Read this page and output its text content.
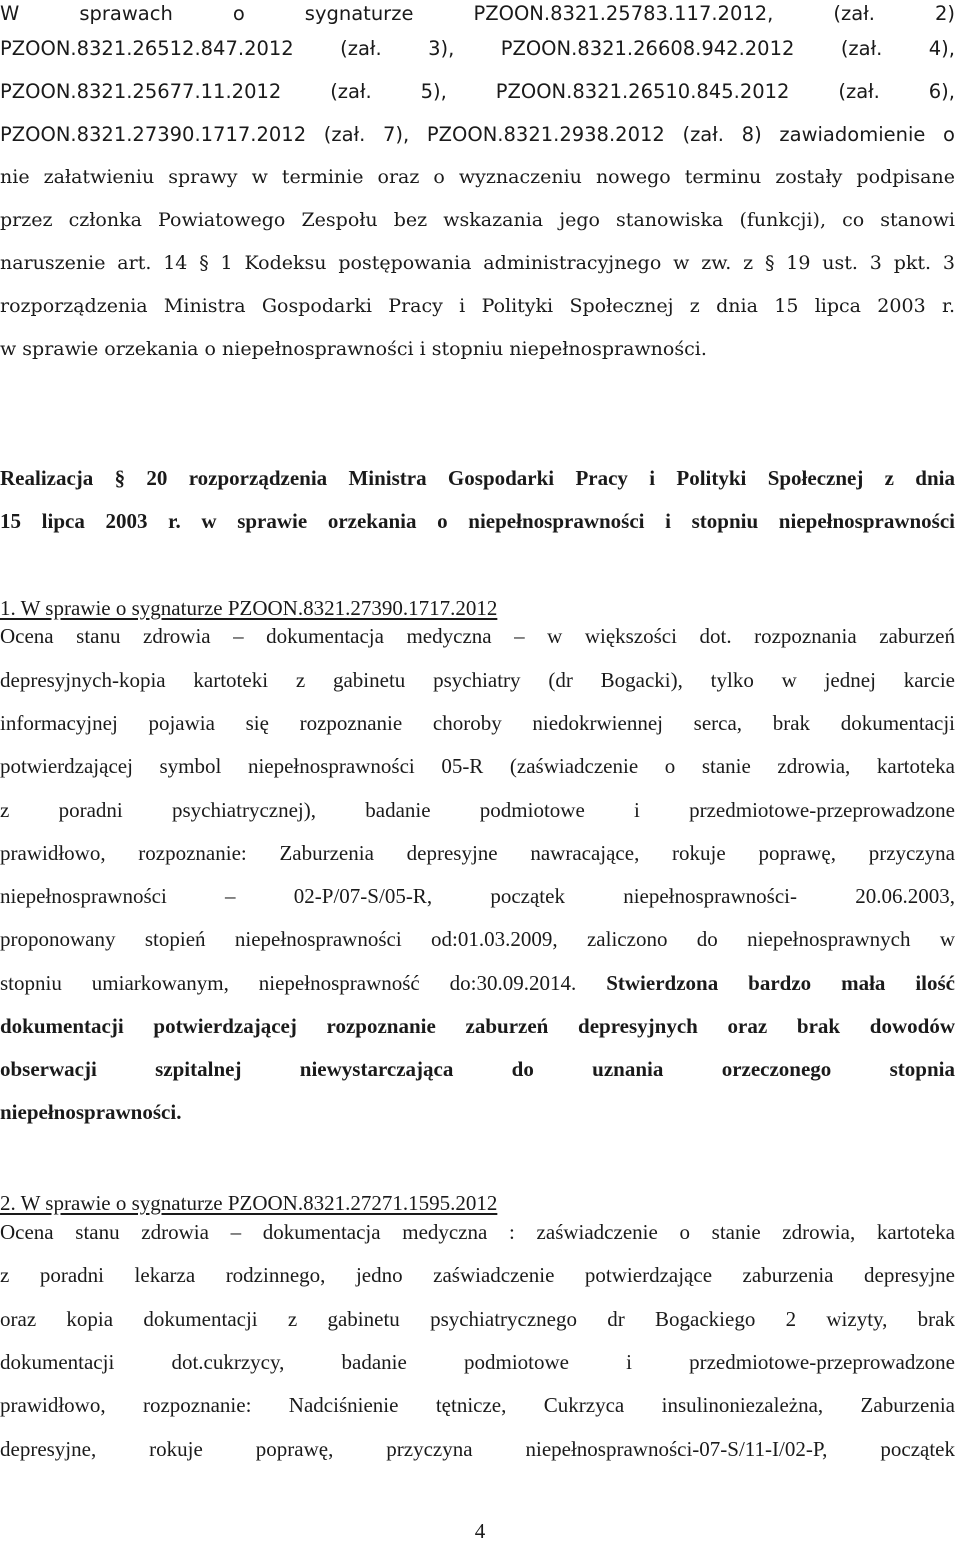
W sprawach o sygnaturze PZOON.8321.25783.117.2012, (zał. 2)
PZOON.8321.26512.847.2012 (zał. 3), PZOON.8321.26608.942.2012 (zał. 4),
PZOON.8321.25677.11.2012 (zał. 5), PZOON.8321.26510.845.2012 (zał. 6),
PZOON.8321.27390.1717.2012 (zał. 7), PZOON.8321.2938.2012 (zał. 8) zawiadomienie o
nie załatwieniu sprawy w terminie oraz o wyznaczeniu nowego terminu zostały podpisane
przez członka Powiatowego Zespołu bez wskazania jego stanowiska (funkcji), co stanowi
naruszenie art. 14 § 1 Kodeksu postępowania administracyjnego w zw. z § 19 ust. 3 pkt. 3
rozporządzenia Ministra Gospodarki Pracy i Polityki Społecznej z dnia 15 lipca 2003 r.
w sprawie orzekania o niepełnosprawności i stopniu niepełnosprawności.
Realizacja § 20 rozporządzenia Ministra Gospodarki Pracy i Polityki Społecznej z dnia
15 lipca 2003 r. w sprawie orzekania o niepełnosprawności i stopniu niepełnosprawności
1. W sprawie o sygnaturze PZOON.8321.27390.1717.2012
Ocena stanu zdrowia – dokumentacja medyczna – w większości dot. rozpoznania zaburzeń
depresyjnych-kopia kartoteki z gabinetu psychiatry (dr Bogacki), tylko w jednej karcie
informacyjnej pojawia się rozpoznanie choroby niedokrwiennej serca, brak dokumentacji
potwierdzającej symbol niepełnosprawności 05-R (zaświadczenie o stanie zdrowia, kartoteka
z poradni psychiatrycznej), badanie podmiotowe i przedmiotowe-przeprowadzone
prawidłowo, rozpoznanie: Zaburzenia depresyjne nawracające, rokuje poprawę, przyczyna
niepełnosprawności – 02-P/07-S/05-R, początek niepełnosprawności- 20.06.2003,
proponowany stopień niepełnosprawności od:01.03.2009, zaliczono do niepełnosprawnych w
stopniu umiarkowanym, niepełnosprawność do:30.09.2014. Stwierdzona bardzo mała ilość
dokumentacji potwierdzającej rozpoznanie zaburzeń depresyjnych oraz brak dowodów
obserwacji szpitalnej niewystarczająca do uznania orzeczonego stopnia
niepełnosprawności.
2. W sprawie o sygnaturze PZOON.8321.27271.1595.2012
Ocena stanu zdrowia – dokumentacja medyczna : zaświadczenie o stanie zdrowia, kartoteka
z poradni lekarza rodzinnego, jedno zaświadczenie potwierdzające zaburzenia depresyjne
oraz kopia dokumentacji z gabinetu psychiatrycznego dr Bogackiego 2 wizyty, brak
dokumentacji dot.cukrzycy, badanie podmiotowe i przedmiotowe-przeprowadzone
prawidłowo, rozpoznanie: Nadciśnienie tętnicze, Cukrzyca insulinoniezależna, Zaburzenia
depresyjne, rokuje poprawę, przyczyna niepełnosprawności-07-S/11-I/02-P, początek
4
